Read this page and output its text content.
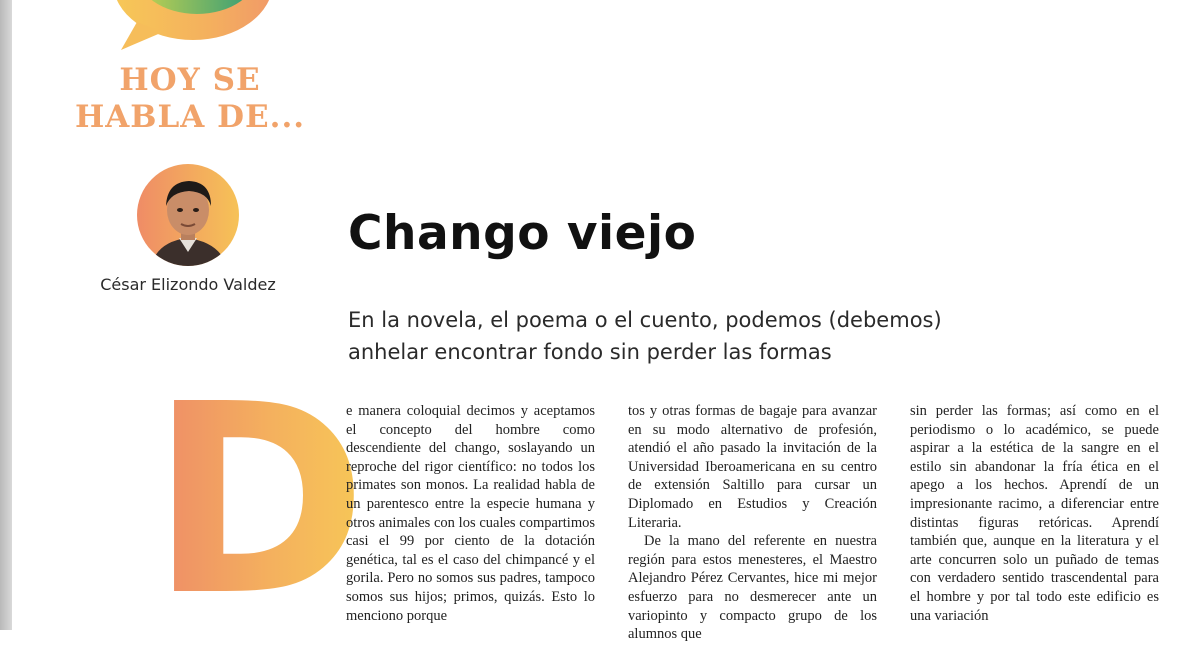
HOY SE
HABLA DE...
César Elizondo Valdez
Chango viejo

En la novela, el poema o el cuento, podemos (debemos) anhelar encontrar fondo sin perder las formas

D

e manera coloquial decimos y aceptamos el concepto del hombre como descendiente del chango, soslayando un reproche del rigor científico: no todos los primates son monos. La realidad habla de un parentesco entre la especie humana y otros animales con los cuales compartimos casi el 99 por ciento de la dotación genética, tal es el caso del chimpancé y el gorila. Pero no somos sus padres, tampoco somos sus hijos; primos, quizás. Esto lo menciono porque

tos y otras formas de bagaje para avanzar en su modo alternativo de profesión, atendió el año pasado la invitación de la Universidad Iberoamericana en su centro de extensión Saltillo para cursar un Diplomado en Estudios y Creación Literaria.

De la mano del referente en nuestra región para estos menesteres, el Maestro Alejandro Pérez Cervantes, hice mi mejor esfuerzo para no desmerecer ante un variopinto y compacto grupo de los alumnos que

sin perder las formas; así como en el periodismo o lo académico, se puede aspirar a la estética de la sangre en el estilo sin abandonar la fría ética en el apego a los hechos. Aprendí de un impresionante racimo, a diferenciar entre distintas figuras retóricas. Aprendí también que, aunque en la literatura y el arte concurren solo un puñado de temas con verdadero sentido trascendental para el hombre y por tal todo este edificio es una variación
